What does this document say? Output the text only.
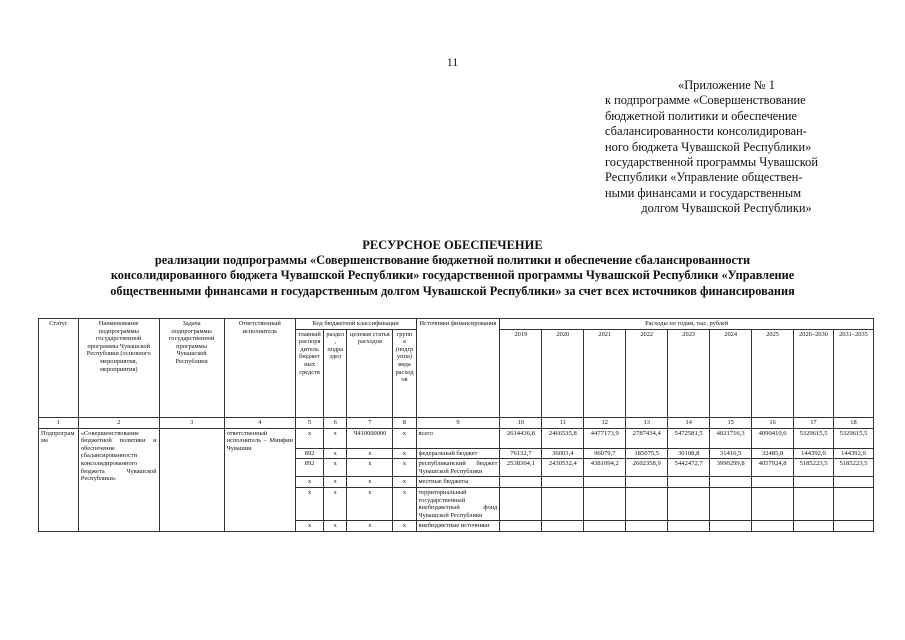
11
«Приложение № 1
к подпрограмме «Совершенствование
бюджетной политики и обеспечение
сбалансированности консолидирован-
ного бюджета Чувашской Республики»
государственной программы Чувашской
Республики «Управление обществен-
ными финансами и государственным
долгом Чувашской Республики»
РЕСУРСНОЕ ОБЕСПЕЧЕНИЕ
реализации подпрограммы «Совершенствование бюджетной политики и обеспечение сбалансированности
консолидированного бюджета Чувашской Республики» государственной программы Чувашской Республики «Управление
общественными финансами и государственным долгом Чувашской Республики» за счет всех источников финансирования
Статус	Наименование подпрограммы государственной программы Чувашской Республики (основного мероприятия, мероприятия)	Задача подпрограммы государственной программы Чувашской Республики	Ответственный исполнитель	Код бюджетной классификации				Источники финансирования	Расходы по годам, тыс. рублей								
				главный распорядитель бюджетных средств	раздел, подраздел	целевая статья расходов	группа (подгруппа) вида расходов		2019	2020	2021	2022	2023	2024	2025	2026–2030	2031–2035
1	2	3	4	5	6	7	8	9	10	11	12	13	14	15	16	17	18
Подпрограмма	«Совершенствование бюджетной политики и обеспечение сбалансированности консолидированного бюджета Чувашской Республики»		ответственный исполнитель – Минфин Чувашии	x	x	Ч410000000	x	всего	2614436,8	2466535,8	4477173,9	2787434,4	5472581,5	4021716,3	4090410,6	5329615,5	5329615,5
				892	x	x	x	федеральный бюджет	76132,7	36003,4	96079,7	185075,5	30108,8	31416,5	32485,8	144392,0	144392,0
				892	x	x	x	республиканский бюджет Чувашской Республики	2538304,1	2430532,4	4381094,2	2602358,9	5442472,7	3990299,8	4057924,8	5185223,5	5185223,5
				x	x	x	x	местные бюджеты									
				x	x	x	x	территориальный государственный внебюджетный фонд Чувашской Республики									
				x	x	x	x	внебюджетные источники									
